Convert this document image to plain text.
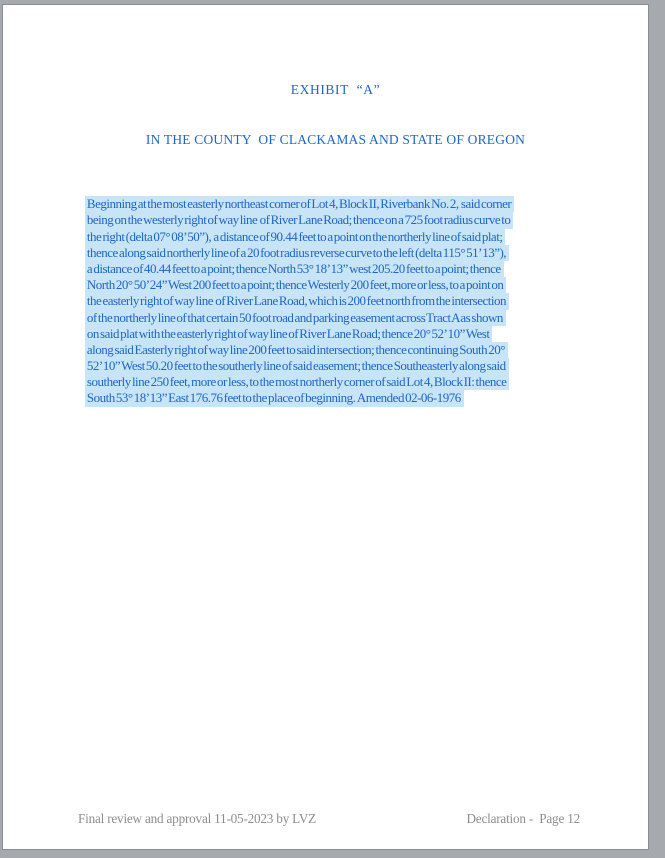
EXHIBIT  “A”
IN THE COUNTY  OF CLACKAMAS AND STATE OF OREGON

Beginning at the most easterly northeast corner of Lot 4, Block II, Riverbank No. 2,  said corner

being on the westerly right of way line  of River Lane Road; thence on a 725 foot radius curve to

the right (delta 07° 08’ 50”),  a distance of 90.44 feet to a point on the northerly line of said plat;

thence along said northerly line of a 20 foot radius reverse curve to the left (delta 115° 51’ 13”),

a distance of 40.44 feet to a point; thence North 53° 18’ 13” west 205.20 feet to a point; thence

North 20° 50’ 24” West 200 feet to a point; thence Westerly 200 feet, more or less, to a point on

the easterly right of way line  of River Lane Road, which is 200 feet north from the intersection

of the northerly line of that certain 50 foot road and parking easement across Tract A as shown

on said plat with the easterly right of way line of River Lane Road; thence 20° 52’ 10” West

along said Easterly right of way line 200 feet to said intersection; thence continuing South 20°

52’ 10” West 50.20 feet to the southerly line of said easement; thence Southeasterly along said

southerly line 250 feet, more or less, to the most northerly corner of said Lot 4, Block II: thence

South 53° 18’ 13” East 176.76 feet to the place of beginning.  Amended 02-06-1976

Final review and approval 11-05-2023 by LVZ	Declaration -  Page 12
